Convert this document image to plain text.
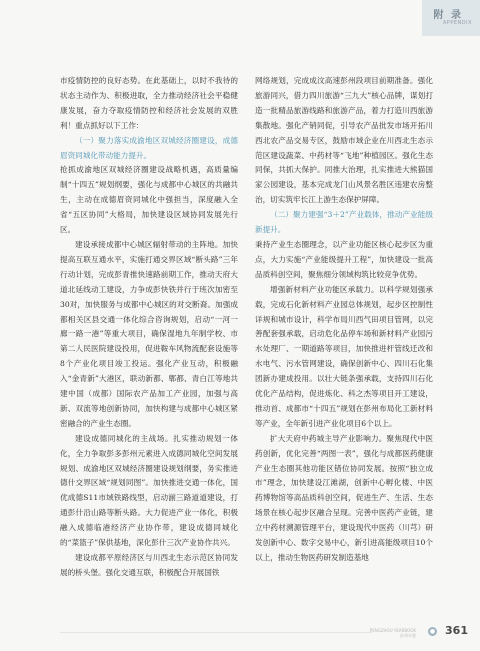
附 录
APPENDIX

市疫情防控的良好态势。在此基础上，以时不我待的状态主动作为、积极进取，全力推动经济社会平稳健康发展，奋力夺取疫情防控和经济社会发展的双胜利！重点抓好以下工作：

（一）聚力落实成渝地区双城经济圈建设，成德眉资同城化带动能力提升。

抢抓成渝地区双城经济圈建设战略机遇，高质量编制“十四五”规划纲要，强化与成都中心城区的共融共生，主动在成德眉资同城化中强担当，深度融入全省“五区协同”大格局，加快建设区域协同发展先行区。

建设承接成都中心城区辐射带动的主阵地。加快提高互联互通水平，实施打通交界区域“断头路”三年行动计划，完成彭青推快速路前期工作，推动天府大道北延线动工建设，力争成彭快铁并行于班次加密至30对，加快服务与成都中心城区的对交断裔。加强成都相关区县交通一体化综合咨询规划，启动“一河一廊一路一港”等重大项目，确保湿地九年制学校、市第二人民医院建设投用，促进鞍车风物流配套设施等8个产业化项目竣工投运。强化产业互动，积极融入“金青新”大港区，联动新都、郫都、青白江等地共建中国（成都）国际农产品加工产业园，加强与高新、双流等地创新协同，加快构建与成都中心城区紧密融合的产业生态圈。

建设成德同城化的主战场。扎实推动规划一体化，全力争取彭多彭州元素进入成德同城化空间发展规划、成渝地区双城经济圈建设规划纲要，务实推进德什交界区域“规划同图”。加快推进交通一体化，国优成德S11市域铁路线型，启动湔三路道道建设，打通彭什沿山路等断头路。大力促进产业一体化，积极融入成德临港经济产业协作带，建设成德同城化的“菜篮子”保供基地，深化彭什三次产业协作共兴。

建设成都平原经济区与川西北生态示范区协同发展的桥头堡。强化交通互联，积极配合开展国铁

网络规划，完成成汶高速彭州段项目前期准备。强化旅游同兴，借力四川旅游“三九大”核心品牌，谋划打造一批精品旅游线路和旅游产品，着力打造川西旅游集散地。强化产销同促，引导农产品批发市场开拓川西北农产品交易专区，鼓励市域企业在川西北生态示范区建设蔬菜、中药材等“飞地”种植园区。强化生态同保，共抓大保护。同推大治理，扎实推进大熊猫国家公园建设，基本完成龙门山风景名胜区违建农房整治，切实筑牢长江上游生态保护屏障。

（二）聚力建强“3＋2”产业载体，推动产业能级新提升。

秉持产业生态圈理念，以产业功能区核心起步区为重点，大力实施“产业能级提升工程”，加快建设一批高品质科创空间，聚焦细分领域构筑比较竞争优势。

增强新材料产业功能区承载力。以科学规划强承载，完成石化新材料产业园总体规划，起步区控制性详规和城市设计，科学布局川西气田项目管网，以完善配套强承载，启动危化品停车场和新材料产业园污水处理厂、一期道路等项目，加快推进杆管线迁改和水电气、污水管网建设，确保创新中心、四川石化集团新办建成投用。以壮大链条强承载，支持四川石化优化产品结构，促进炼化、科之杰等项目开工建设，推动首、成都市“十四五”规划在彭州布局化工新材料等产业，全年新引进产业化项目6个以上。

扩大天府中药城主导产业影响力。聚焦现代中医药创新，优化完善“两图一表”，强化与成都医药健康产业生态圈其他功能区错位协同发展。按照“独立成市”理念，加快建设江滩湖，创新中心孵化楼、中医药博物馆等高品质科创空间，促进生产、生活、生态场景在核心起步区融合呈现。完善中医药产业链，建立中药材溯源管理平台，建设现代中医药（川芎）研发创新中心、数字交易中心，新引进高能级项目10个以上，推动生物医药研发制造基地

PENGZHOU YEARBOOK
彭州年鉴
● 361
